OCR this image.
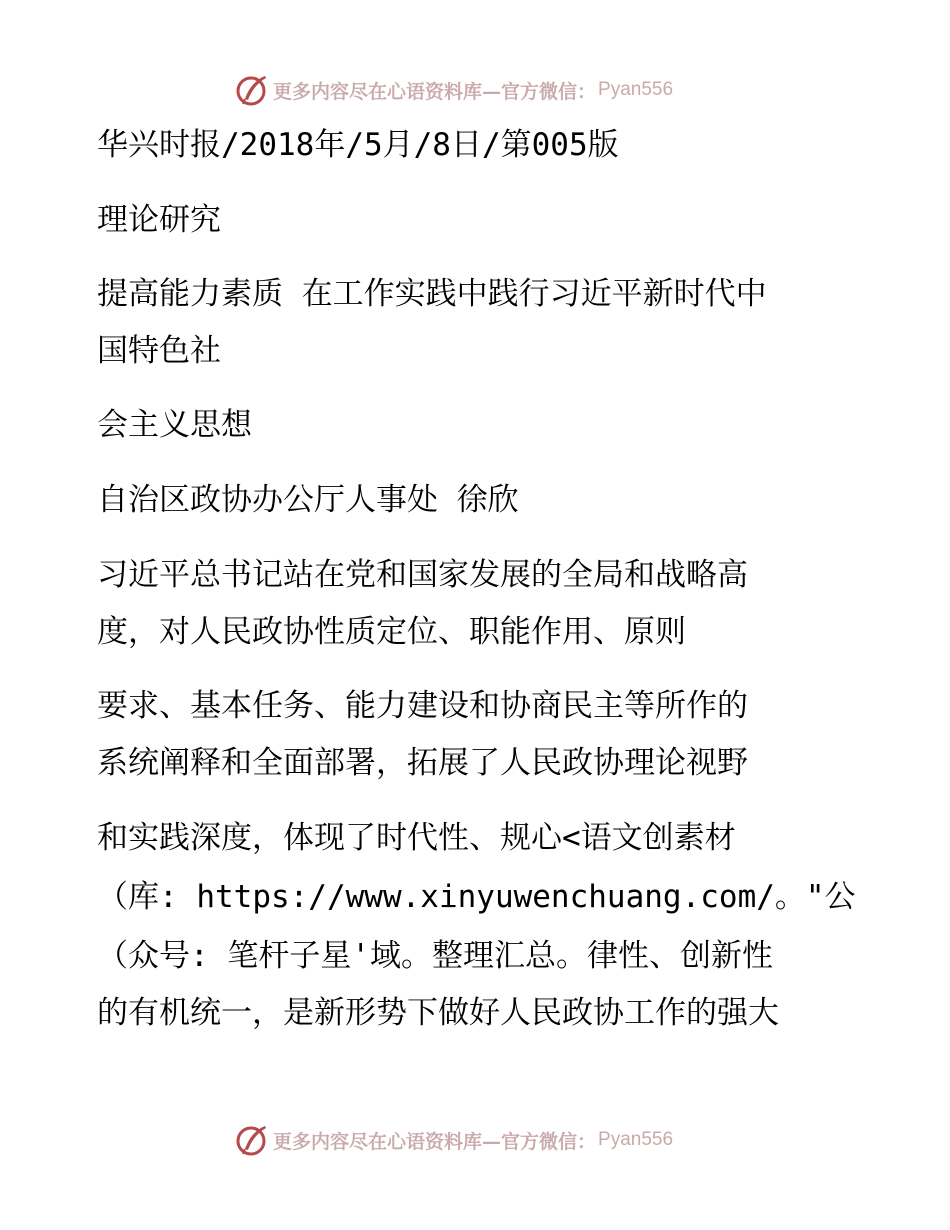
更多内容尽在心语资料库—官方微信： Pyan556
华兴时报/2018年/5月/8日/第005版
理论研究
提高能力素质 在工作实践中践行习近平新时代中
国特色社
会主义思想
自治区政协办公厅人事处 徐欣
习近平总书记站在党和国家发展的全局和战略高
度，对人民政协性质定位、职能作用、原则
要求、基本任务、能力建设和协商民主等所作的
系统阐释和全面部署，拓展了人民政协理论视野
和实践深度，体现了时代性、规心<语文创素材
（库: https://www.xinyuwenchuang.com/。"公
（众号: 笔杆子星'域。整理汇总。律性、创新性
的有机统一，是新形势下做好人民政协工作的强大
更多内容尽在心语资料库—官方微信： Pyan556
